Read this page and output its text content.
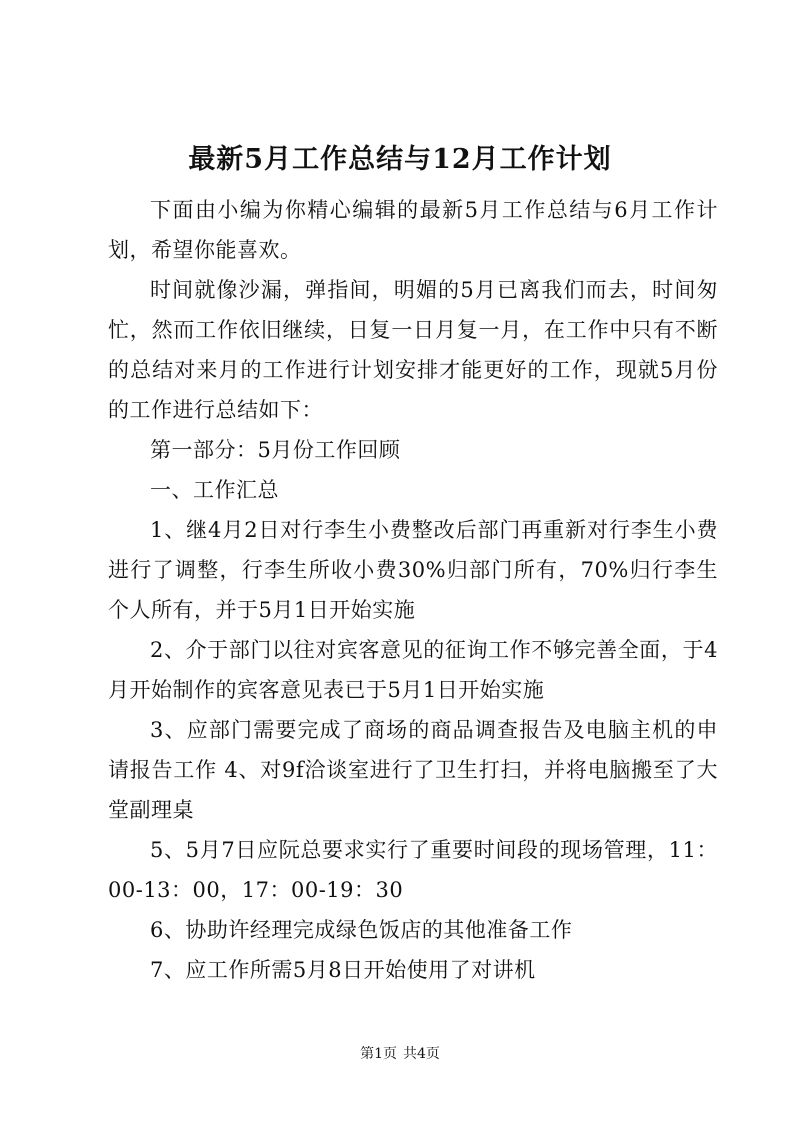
最新5月工作总结与12月工作计划

下面由小编为你精心编辑的最新5月工作总结与6月工作计划，希望你能喜欢。

时间就像沙漏，弹指间，明媚的5月已离我们而去，时间匆忙，然而工作依旧继续，日复一日月复一月，在工作中只有不断的总结对来月的工作进行计划安排才能更好的工作，现就5月份的工作进行总结如下：

第一部分：5月份工作回顾

一、工作汇总

1、继4月2日对行李生小费整改后部门再重新对行李生小费进行了调整，行李生所收小费30%归部门所有，70%归行李生个人所有，并于5月1日开始实施

2、介于部门以往对宾客意见的征询工作不够完善全面，于4月开始制作的宾客意见表已于5月1日开始实施

3、应部门需要完成了商场的商品调查报告及电脑主机的申请报告工作 4、对9f洽谈室进行了卫生打扫，并将电脑搬至了大堂副理桌

5、5月7日应阮总要求实行了重要时间段的现场管理，11：00-13：00，17：00-19：30

6、协助许经理完成绿色饭店的其他准备工作

7、应工作所需5月8日开始使用了对讲机

第1页 共4页
